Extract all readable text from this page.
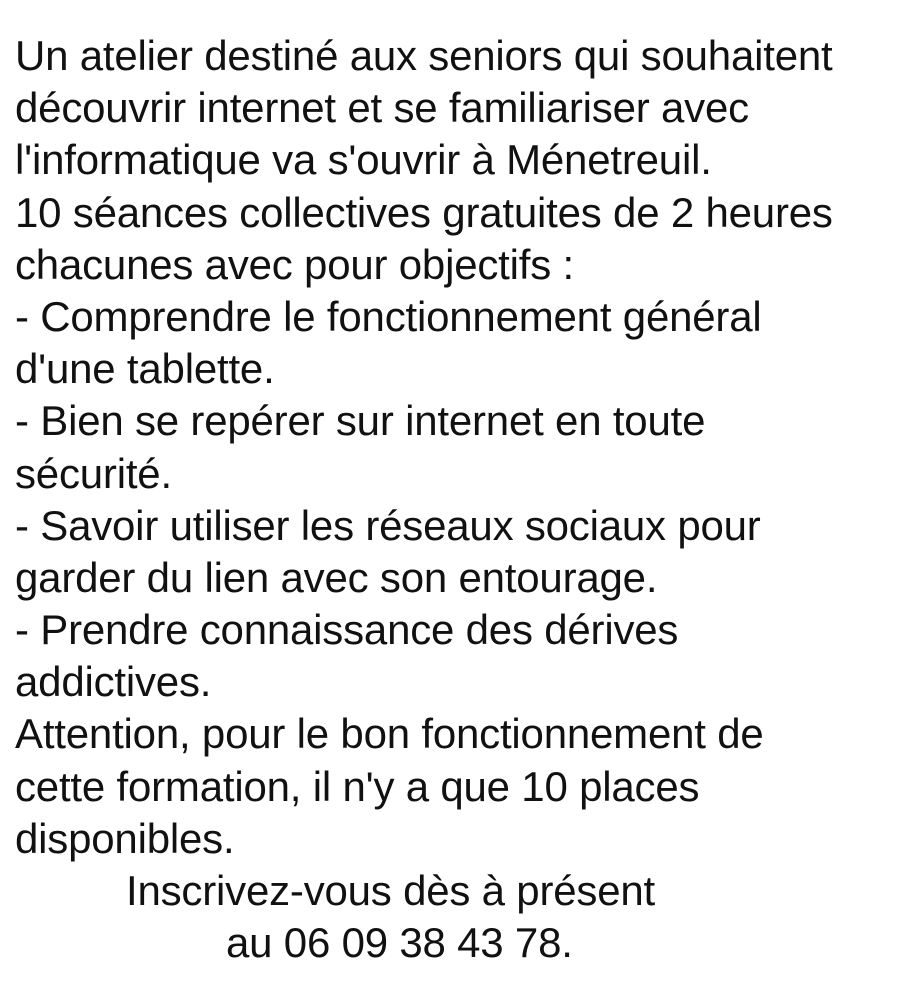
Un atelier destiné aux seniors qui souhaitent
découvrir internet et se familiariser avec
l'informatique va s'ouvrir à Ménetreuil.
10 séances collectives gratuites de 2 heures
chacunes avec pour objectifs :
- Comprendre le fonctionnement général
d'une tablette.
- Bien se repérer sur internet en toute
sécurité.
- Savoir utiliser les réseaux sociaux pour
garder du lien avec son entourage.
- Prendre connaissance des dérives
addictives.
Attention, pour le bon fonctionnement de
cette formation, il n'y a que 10 places
disponibles.
Inscrivez-vous dès à présent
au 06 09 38 43 78.
